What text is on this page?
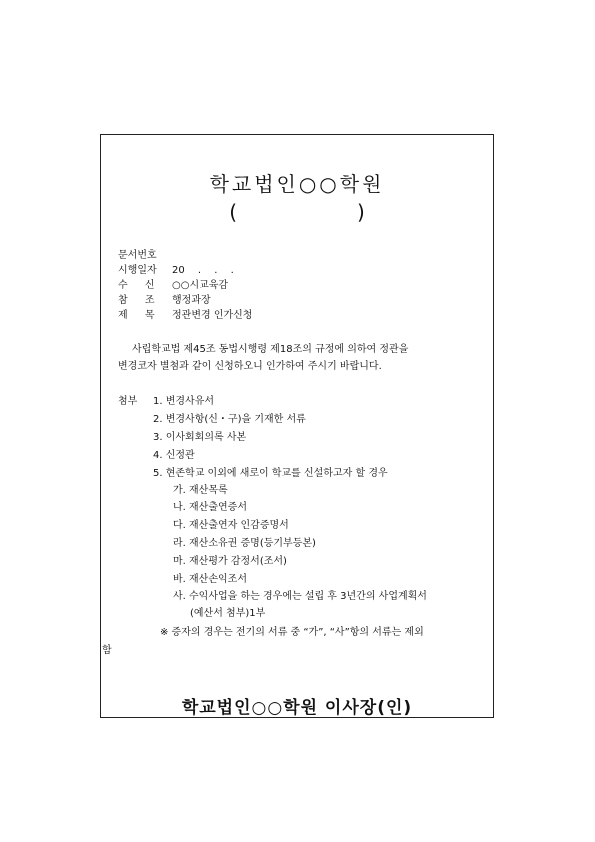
학교법인○○학원
(	)
문서번호
시행일자 20 . . .
수 신 ○○시교육감
참 조 행정과장
제 목 정관변경 인가신청
사립학교법 제45조 동법시행령 제18조의 규정에 의하여 정관을
변경코자 별첨과 같이 신청하오니 인가하여 주시기 바랍니다.
첨부 1. 변경사유서
2. 변경사항(신・구)을 기재한 서류
3. 이사회회의록 사본
4. 신정관
5. 현존학교 이외에 새로이 학교를 신설하고자 할 경우
가. 재산목록
나. 재산출연증서
다. 재산출연자 인감증명서
라. 재산소유권 증명(등기부등본)
마. 재산평가 감정서(조서)
바. 재산손익조서
사. 수익사업을 하는 경우에는 설립 후 3년간의 사업계획서
(예산서 첨부)1부
※ 증자의 경우는 전기의 서류 중 “가”, “사”항의 서류는 제외
함
학교법인○○학원 이사장(인)
